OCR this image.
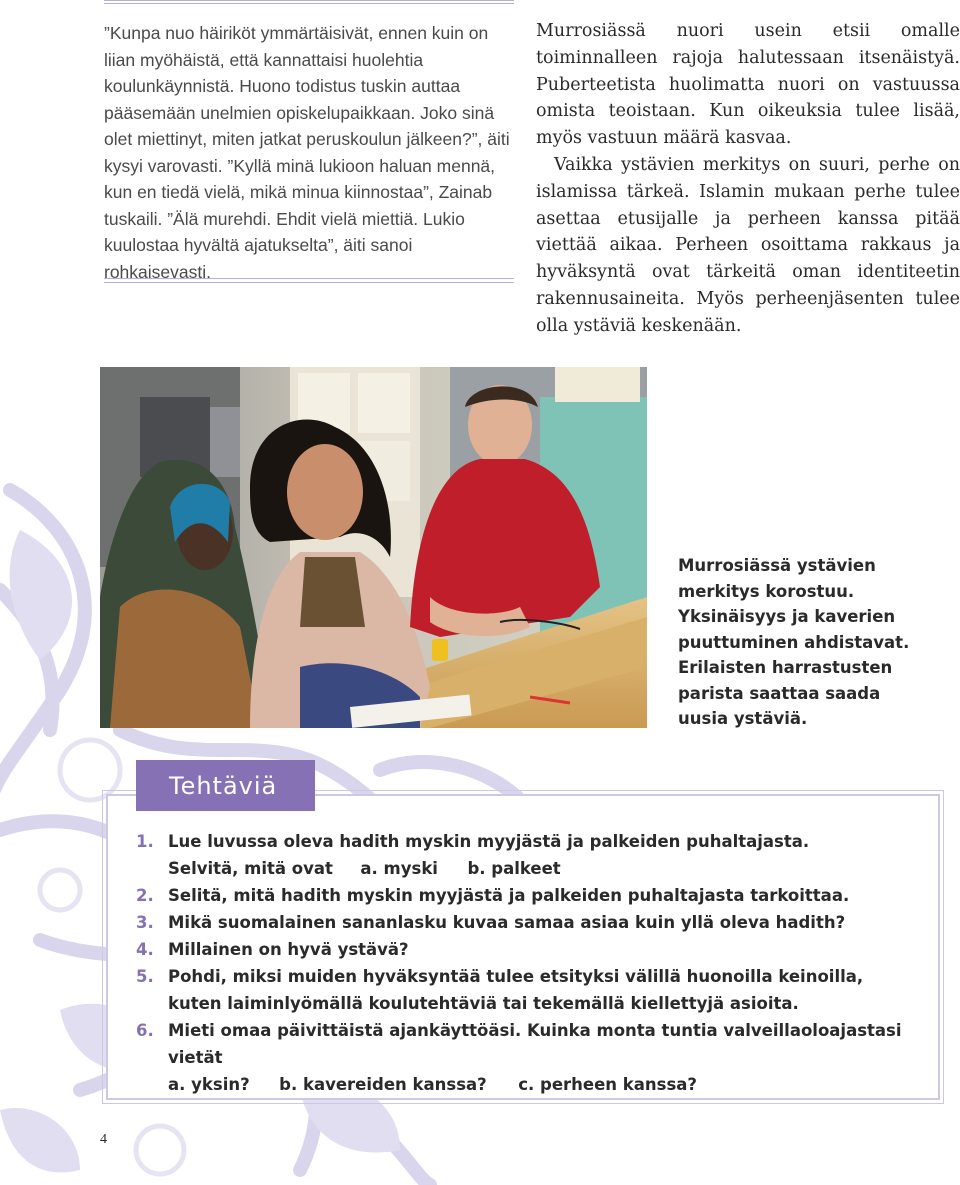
”Kunpa nuo häiriköt ymmärtäisivät, ennen kuin on liian myöhäistä, että kannattaisi huolehtia koulunkäynnistä. Huono todistus tuskin auttaa pääsemään unelmien opiskelupaikkaan. Joko sinä olet miettinyt, miten jatkat peruskoulun jälkeen?”, äiti kysyi varovasti. ”Kyllä minä lukioon haluan mennä, kun en tiedä vielä, mikä minua kiinnostaa”, Zainab tuskaili. ”Älä murehdi. Ehdit vielä miettiä. Lukio kuulostaa hyvältä ajatukselta”, äiti sanoi rohkaisevasti.

Murrosiässä nuori usein etsii omalle toiminnalleen rajoja halutessaan itsenäistyä. Puberteetista huolimatta nuori on vastuussa omista teoistaan. Kun oikeuksia tulee lisää, myös vastuun määrä kasvaa.

Vaikka ystävien merkitys on suuri, perhe on islamissa tärkeä. Islamin mukaan perhe tulee asettaa etusijalle ja perheen kanssa pitää viettää aikaa. Perheen osoittama rakkaus ja hyväksyntä ovat tärkeitä oman identiteetin rakennusaineita. Myös perheenjäsenten tulee olla ystäviä keskenään.

Murrosiässä ystävien merkitys korostuu. Yksinäisyys ja kaverien puuttuminen ahdistavat. Erilaisten harrastusten parista saattaa saada uusia ystäviä.

Tehtäviä
1. Lue luvussa oleva hadith myskin myyjästä ja palkeiden puhaltajasta.
Selvitä, mitä ovat a. myski b. palkeet
2. Selitä, mitä hadith myskin myyjästä ja palkeiden puhaltajasta tarkoittaa.
3. Mikä suomalainen sananlasku kuvaa samaa asiaa kuin yllä oleva hadith?
4. Millainen on hyvä ystävä?
5. Pohdi, miksi muiden hyväksyntää tulee etsityksi välillä huonoilla keinoilla,
kuten laiminlyömällä koulutehtäviä tai tekemällä kiellettyjä asioita.
6. Mieti omaa päivittäistä ajankäyttöäsi. Kuinka monta tuntia valveillaoloajastasi vietät
a. yksin? b. kavereiden kanssa? c. perheen kanssa?
4
